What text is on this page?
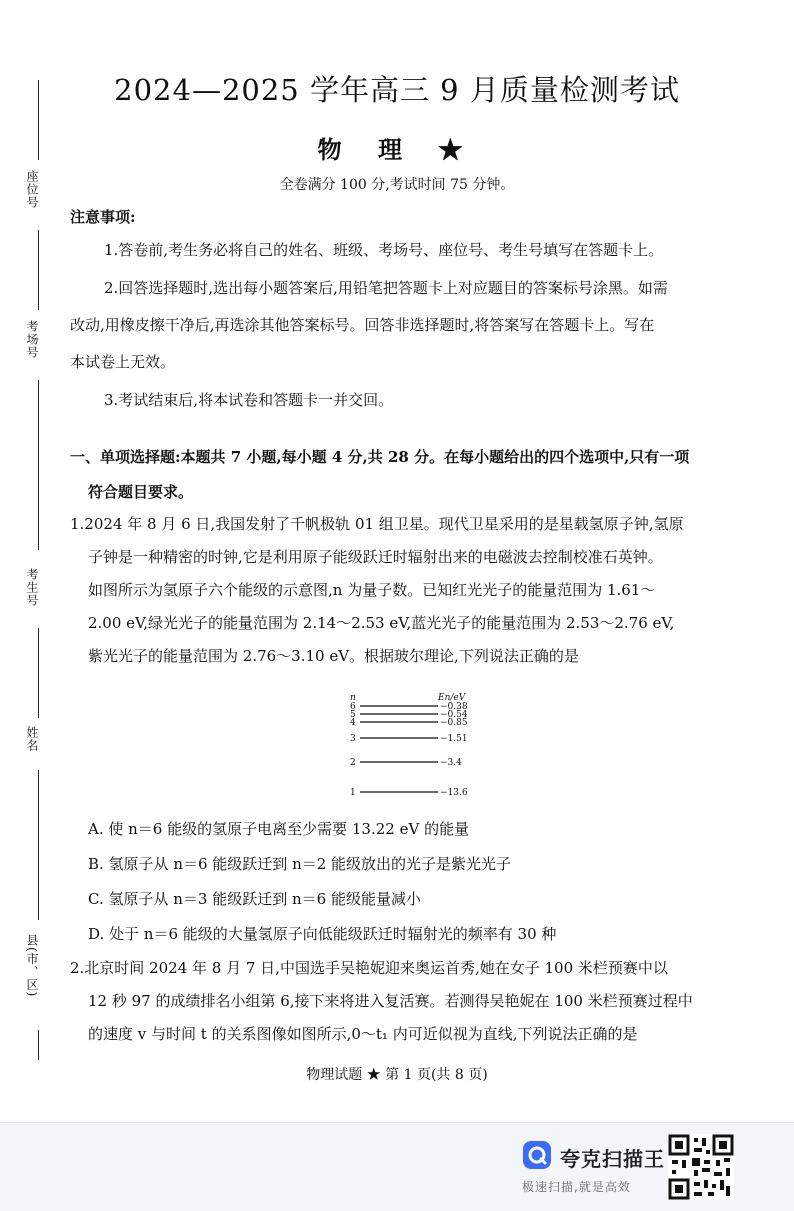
座位号
考场号
考生号
姓名
县(市、区)
2024—2025 学年高三 9 月质量检测考试
物 理 ★
全卷满分 100 分,考试时间 75 分钟。
注意事项:
1.答卷前,考生务必将自己的姓名、班级、考场号、座位号、考生号填写在答题卡上。
2.回答选择题时,选出每小题答案后,用铅笔把答题卡上对应题目的答案标号涂黑。如需
改动,用橡皮擦干净后,再选涂其他答案标号。回答非选择题时,将答案写在答题卡上。写在
本试卷上无效。
3.考试结束后,将本试卷和答题卡一并交回。
一、单项选择题:本题共 7 小题,每小题 4 分,共 28 分。在每小题给出的四个选项中,只有一项
符合题目要求。
1.2024 年 8 月 6 日,我国发射了千帆极轨 01 组卫星。现代卫星采用的是星载氢原子钟,氢原
子钟是一种精密的时钟,它是利用原子能级跃迁时辐射出来的电磁波去控制校准石英钟。
如图所示为氢原子六个能级的示意图,n 为量子数。已知红光光子的能量范围为 1.61～
2.00 eV,绿光光子的能量范围为 2.14～2.53 eV,蓝光光子的能量范围为 2.53～2.76 eV,
紫光光子的能量范围为 2.76～3.10 eV。根据玻尔理论,下列说法正确的是
n	En/eV
6	−0.38
5	−0.54
4	−0.85
3	−1.51
2	−3.4
1	−13.6
A. 使 n＝6 能级的氢原子电离至少需要 13.22 eV 的能量
B. 氢原子从 n＝6 能级跃迁到 n＝2 能级放出的光子是紫光光子
C. 氢原子从 n＝3 能级跃迁到 n＝6 能级能量减小
D. 处于 n＝6 能级的大量氢原子向低能级跃迁时辐射光的频率有 30 种
2.北京时间 2024 年 8 月 7 日,中国选手吴艳妮迎来奥运首秀,她在女子 100 米栏预赛中以
12 秒 97 的成绩排名小组第 6,接下来将进入复活赛。若测得吴艳妮在 100 米栏预赛过程中
的速度 v 与时间 t 的关系图像如图所示,0～t₁ 内可近似视为直线,下列说法正确的是
物理试题 ★ 第 1 页(共 8 页)
夸克扫描王
极速扫描,就是高效
